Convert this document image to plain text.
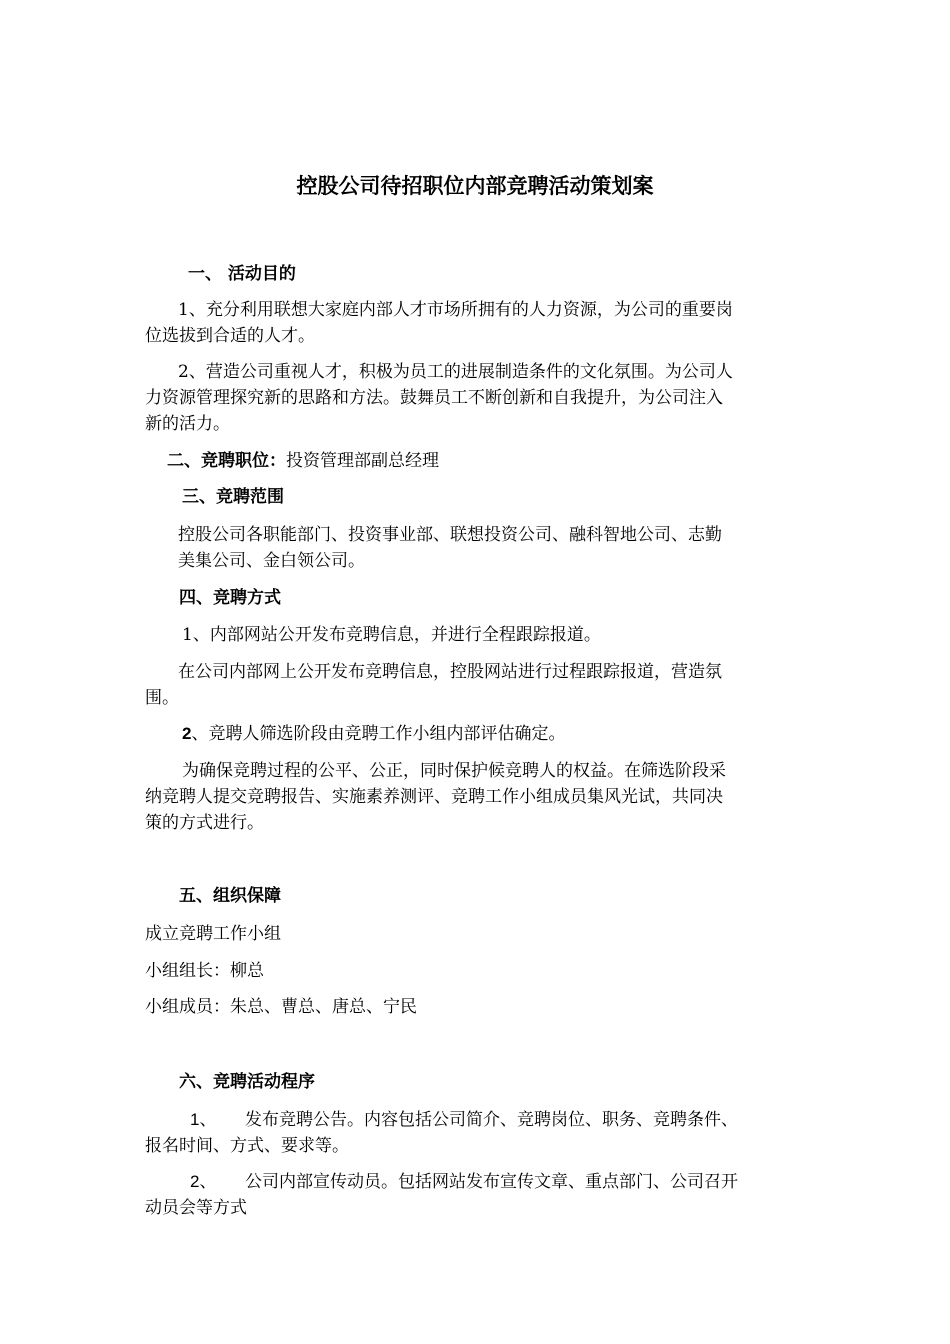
控股公司待招职位内部竞聘活动策划案
一、 活动目的
1、充分利用联想大家庭内部人才市场所拥有的人力资源，为公司的重要岗
位选拔到合适的人才。
2、营造公司重视人才，积极为员工的进展制造条件的文化氛围。为公司人
力资源管理探究新的思路和方法。鼓舞员工不断创新和自我提升，为公司注入
新的活力。
二、竞聘职位：投资管理部副总经理
三、竞聘范围
控股公司各职能部门、投资事业部、联想投资公司、融科智地公司、志勤
美集公司、金白领公司。
四、竞聘方式
1、内部网站公开发布竞聘信息，并进行全程跟踪报道。
在公司内部网上公开发布竞聘信息，控股网站进行过程跟踪报道，营造氛
围。
2、竞聘人筛选阶段由竞聘工作小组内部评估确定。
为确保竞聘过程的公平、公正，同时保护候竞聘人的权益。在筛选阶段采
纳竞聘人提交竞聘报告、实施素养测评、竞聘工作小组成员集风光试，共同决
策的方式进行。
五、组织保障
成立竞聘工作小组
小组组长：柳总
小组成员：朱总、曹总、唐总、宁民
六、竞聘活动程序
1、 发布竞聘公告。内容包括公司简介、竞聘岗位、职务、竞聘条件、
报名时间、方式、要求等。
2、 公司内部宣传动员。包括网站发布宣传文章、重点部门、公司召开
动员会等方式
